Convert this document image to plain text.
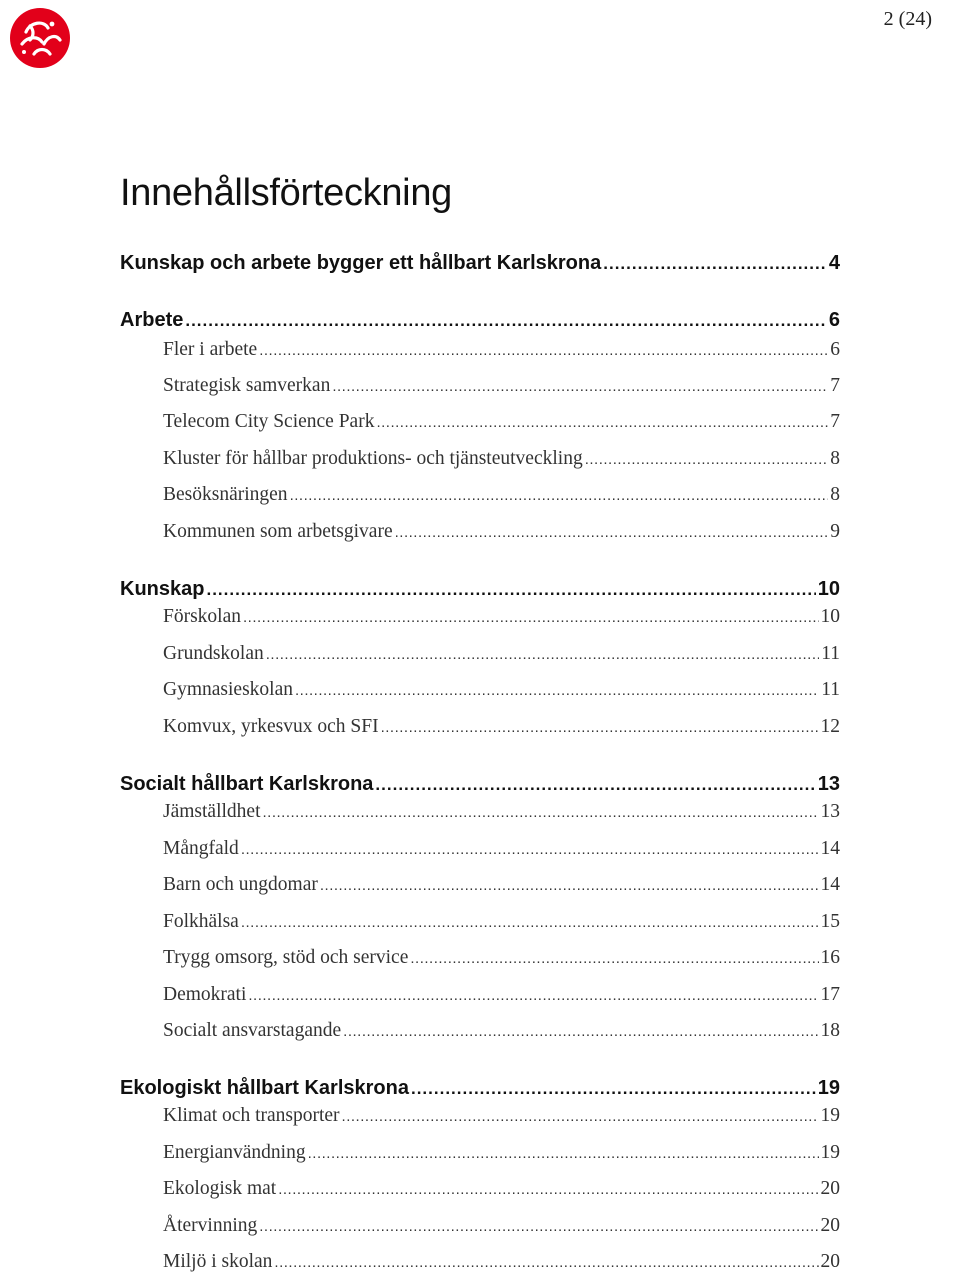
2 (24)
Innehållsförteckning
Kunskap och arbete bygger ett hållbart Karlskrona .....	4
Arbete .....	6
Fler i arbete .....	6
Strategisk samverkan .....	7
Telecom City Science Park .....	7
Kluster för hållbar produktions- och tjänsteutveckling .....	8
Besöksnäringen .....	8
Kommunen som arbetsgivare .....	9
Kunskap .....	10
Förskolan .....	10
Grundskolan .....	11
Gymnasieskolan .....	11
Komvux, yrkesvux och SFI .....	12
Socialt hållbart Karlskrona .....	13
Jämställdhet .....	13
Mångfald .....	14
Barn och ungdomar .....	14
Folkhälsa .....	15
Trygg omsorg, stöd och service .....	16
Demokrati .....	17
Socialt ansvarstagande .....	18
Ekologiskt hållbart Karlskrona .....	19
Klimat och transporter .....	19
Energianvändning .....	19
Ekologisk mat .....	20
Återvinning .....	20
Miljö i skolan .....	20
